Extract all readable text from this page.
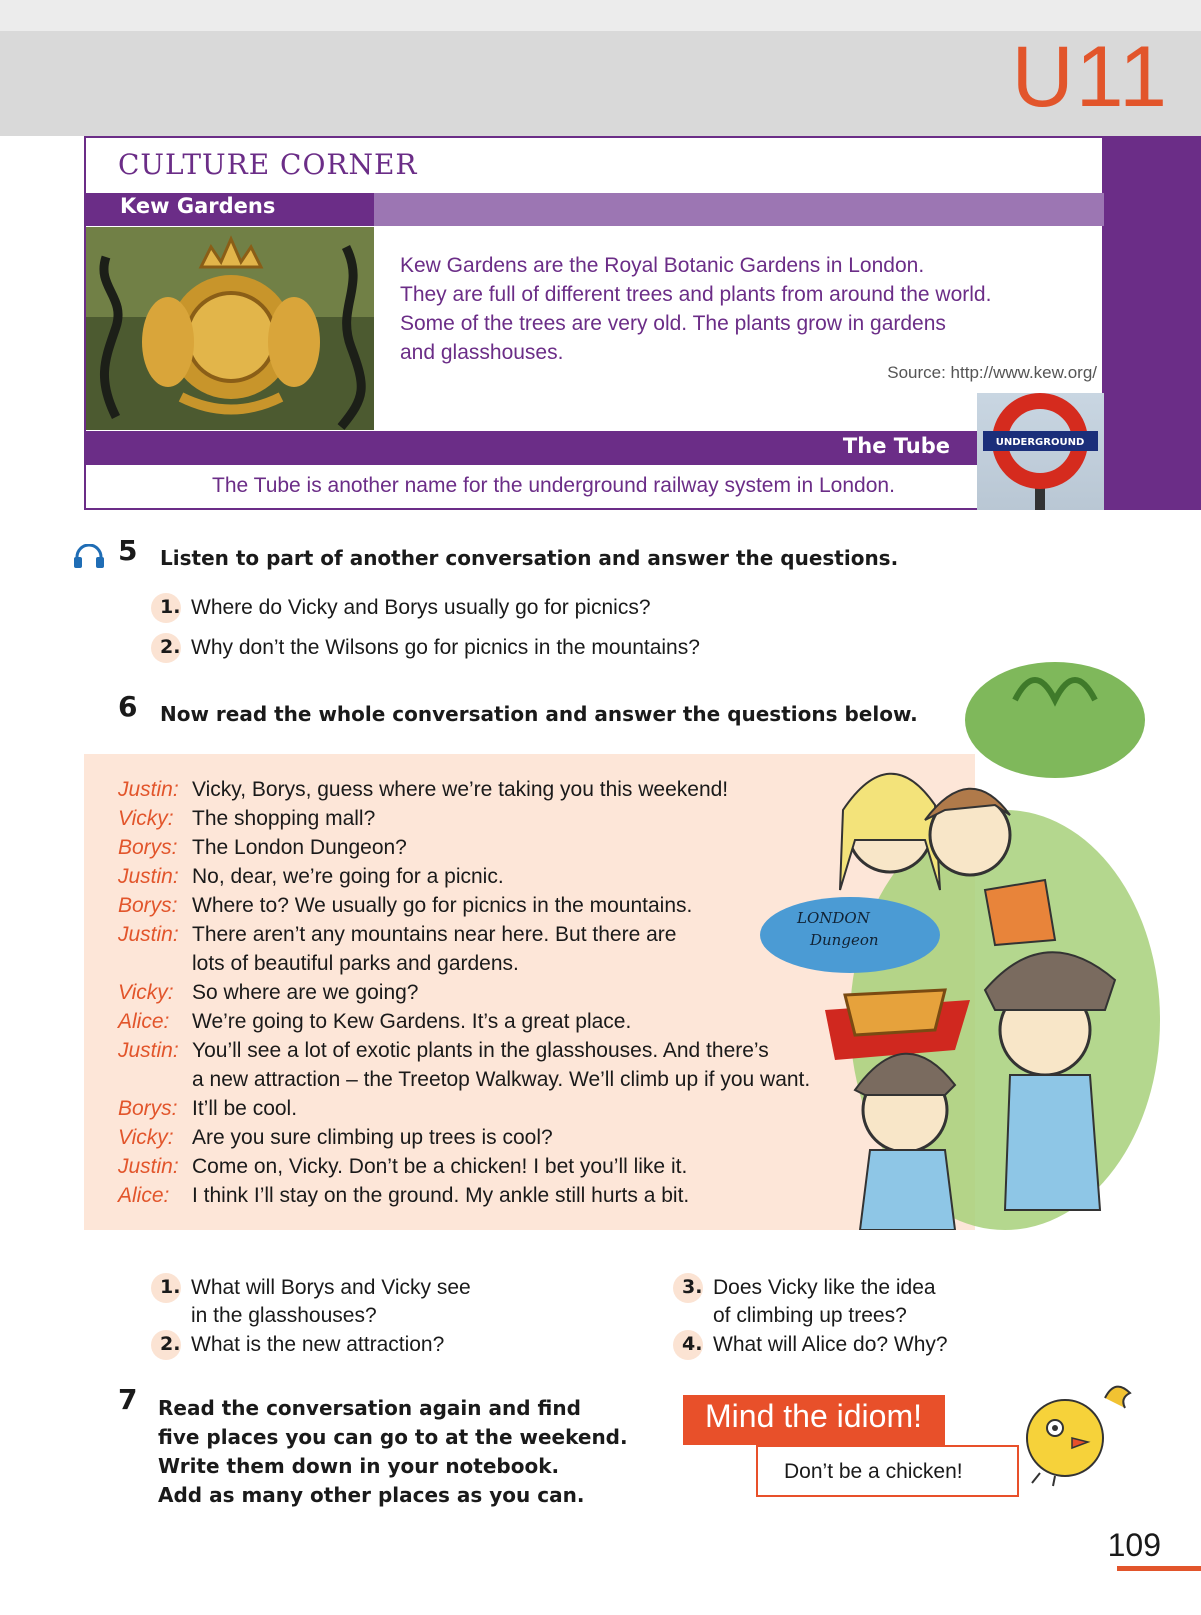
U11
CULTURE CORNER
Kew Gardens
Kew Gardens are the Royal Botanic Gardens in London.
They are full of different trees and plants from around the world.
Some of the trees are very old. The plants grow in gardens
and glasshouses.
Source: http://www.kew.org/
The Tube	UNDERGROUND
The Tube is another name for the underground railway system in London.
5 Listen to part of another conversation and answer the questions.
1. Where do Vicky and Borys usually go for picnics?
2. Why don’t the Wilsons go for picnics in the mountains?
6 Now read the whole conversation and answer the questions below.
LONDON
Dungeon
Justin: Vicky, Borys, guess where we’re taking you this weekend!
Vicky: The shopping mall?
Borys: The London Dungeon?
Justin: No, dear, we’re going for a picnic.
Borys: Where to? We usually go for picnics in the mountains.
Justin: There aren’t any mountains near here. But there are
lots of beautiful parks and gardens.
Vicky: So where are we going?
Alice:	We’re going to Kew Gardens. It’s a great place.
Justin: You’ll see a lot of exotic plants in the glasshouses. And there’s
a new attraction – the Treetop Walkway. We’ll climb up if you want.
Borys: It’ll be cool.
Vicky: Are you sure climbing up trees is cool?
Justin: Come on, Vicky. Don’t be a chicken! I bet you’ll like it.
Alice:	I think I’ll stay on the ground. My ankle still hurts a bit.
1. What will Borys and Vicky see
in the glasshouses?
2. What is the new attraction?
3. Does Vicky like the idea
of climbing up trees?
4. What will Alice do? Why?
7 Read the conversation again and find
five places you can go to at the weekend.
Write them down in your notebook.
Add as many other places as you can.
Mind the idiom!
Don’t be a chicken!
109
